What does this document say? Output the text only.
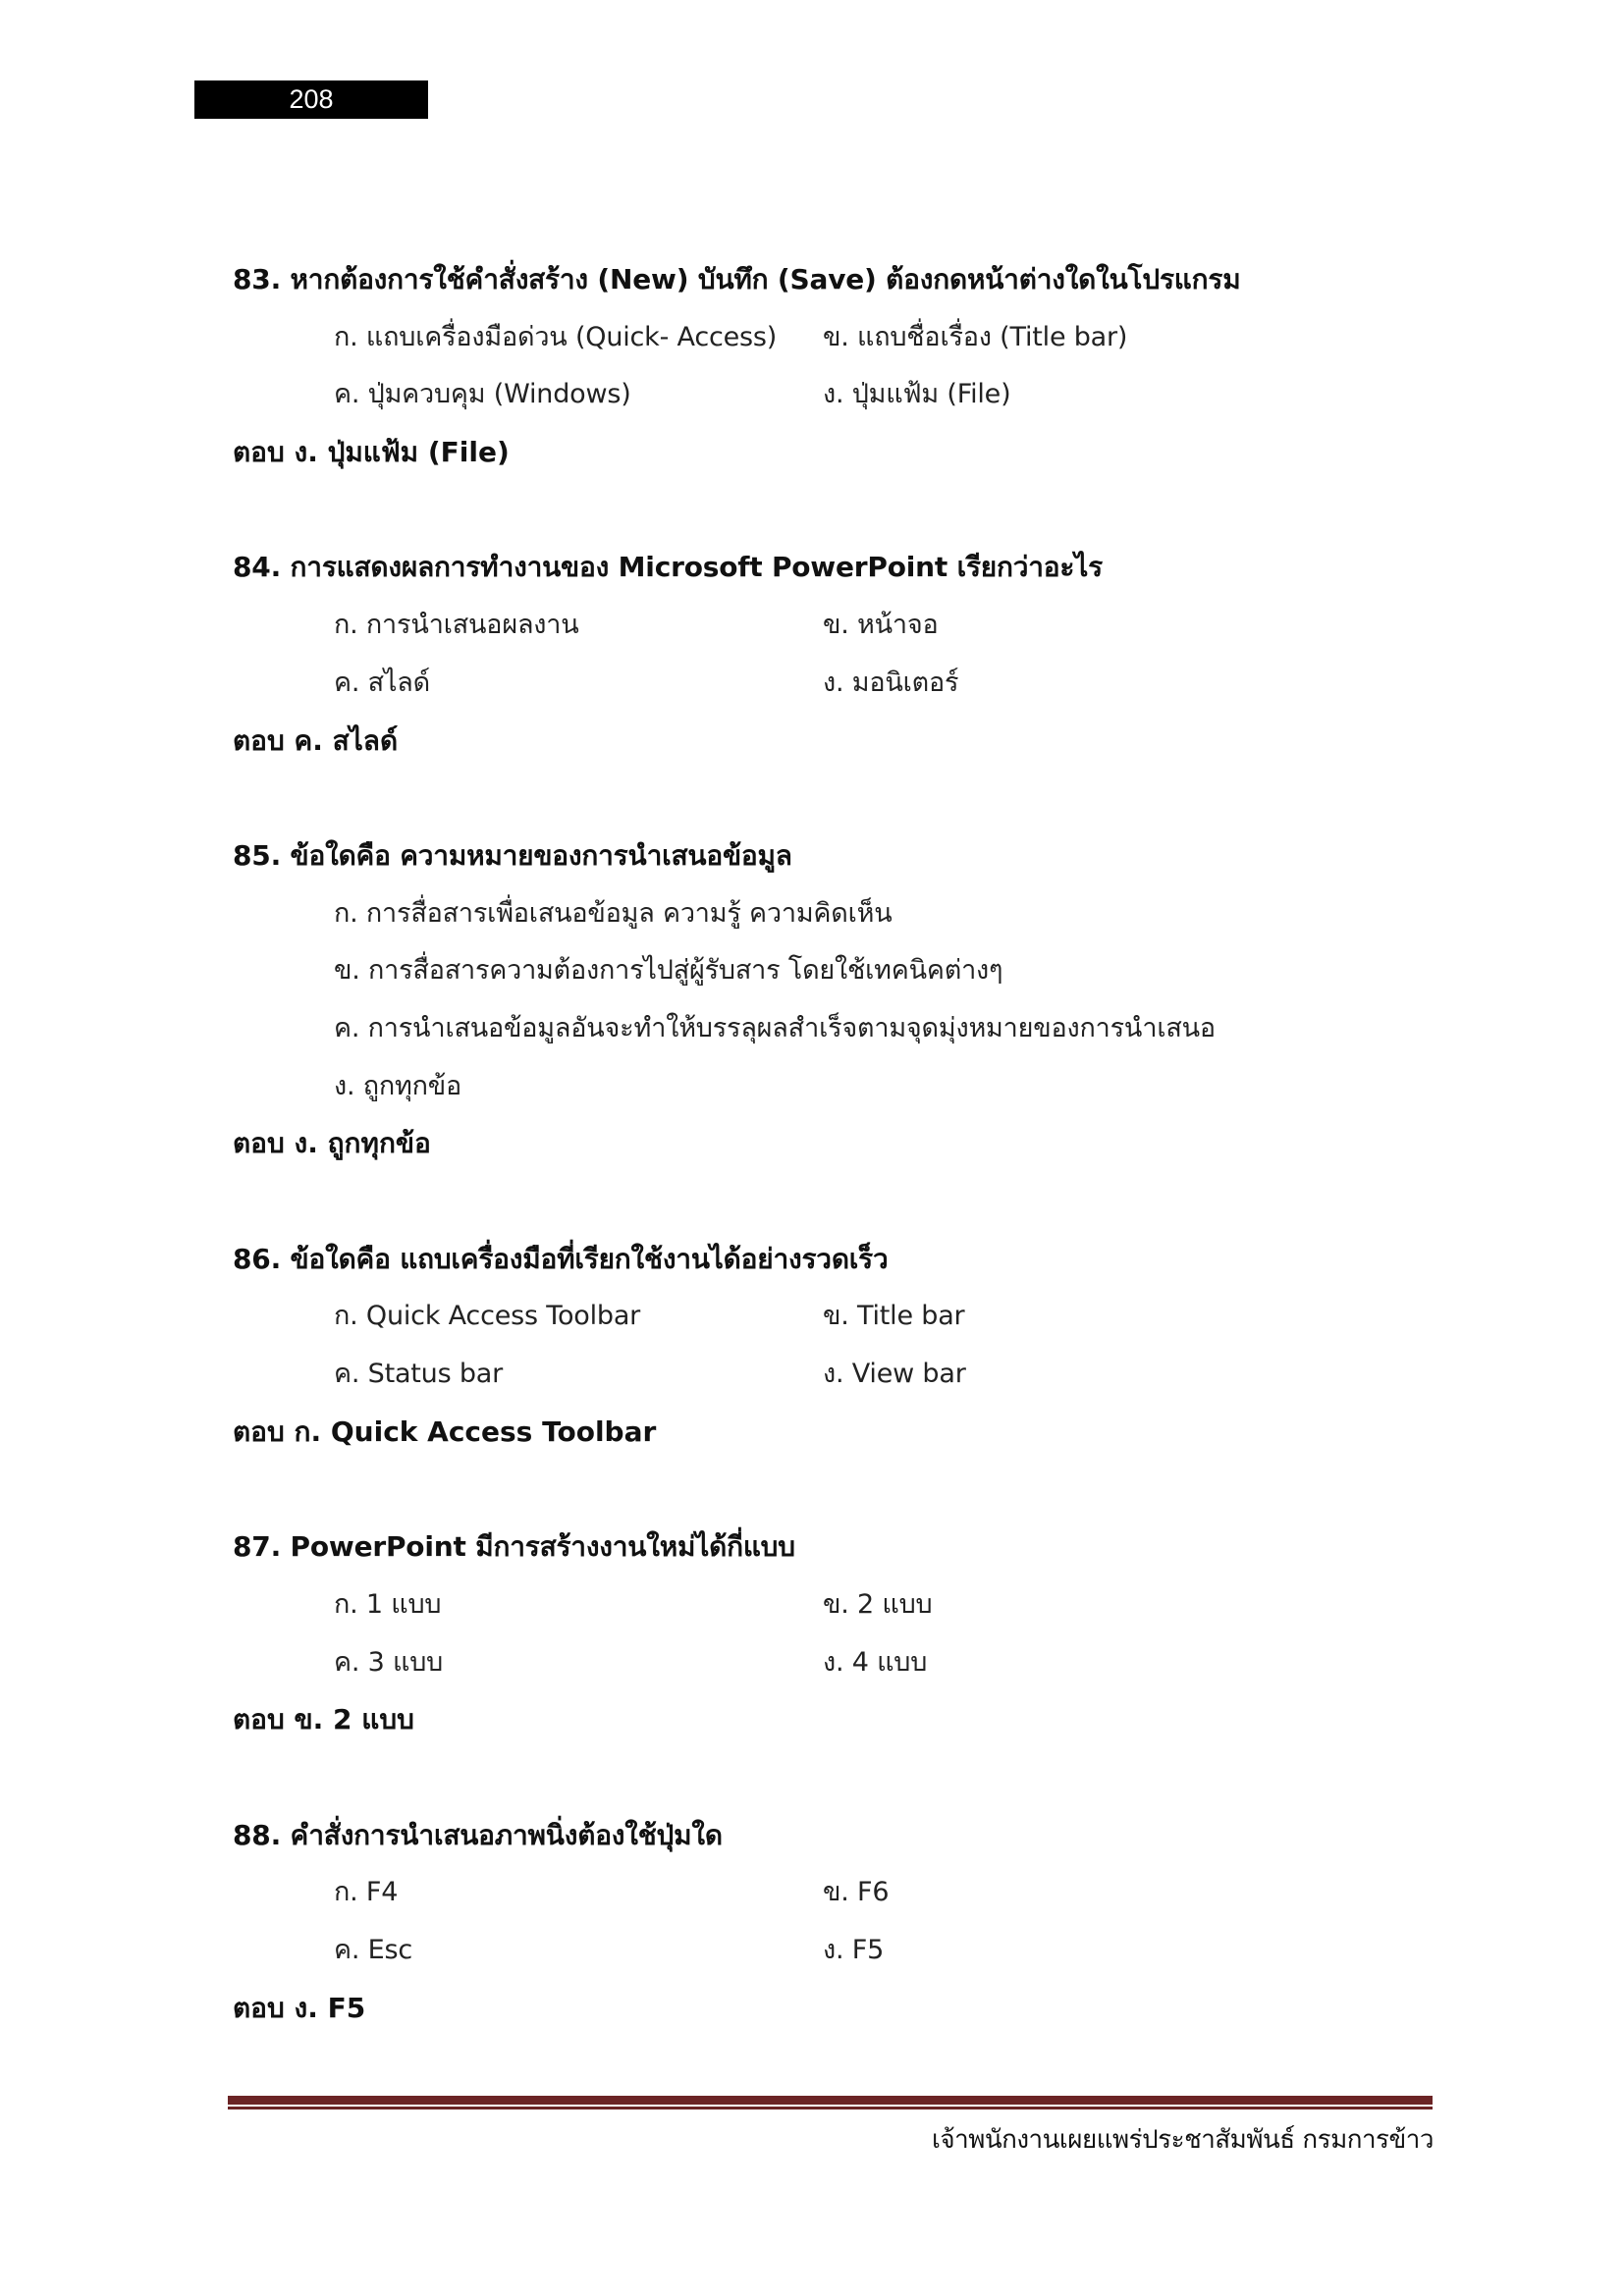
208
83. หากต้องการใช้คำสั่งสร้าง (New) บันทึก (Save) ต้องกดหน้าต่างใดในโปรแกรม
ก. แถบเครื่องมือด่วน (Quick- Access) ข. แถบชื่อเรื่อง (Title bar)
ค. ปุ่มควบคุม (Windows)	ง. ปุ่มแฟ้ม (File)
ตอบ ง. ปุ่มแฟ้ม (File)
84. การแสดงผลการทำงานของ Microsoft PowerPoint เรียกว่าอะไร
ก. การนำเสนอผลงาน	ข. หน้าจอ
ค. สไลด์	ง. มอนิเตอร์
ตอบ ค. สไลด์
85. ข้อใดคือ ความหมายของการนำเสนอข้อมูล
ก. การสื่อสารเพื่อเสนอข้อมูล ความรู้ ความคิดเห็น
ข. การสื่อสารความต้องการไปสู่ผู้รับสาร โดยใช้เทคนิคต่างๆ
ค. การนำเสนอข้อมูลอันจะทำให้บรรลุผลสำเร็จตามจุดมุ่งหมายของการนำเสนอ
ง. ถูกทุกข้อ
ตอบ ง. ถูกทุกข้อ
86. ข้อใดคือ แถบเครื่องมือที่เรียกใช้งานได้อย่างรวดเร็ว
ก. Quick Access Toolbar	ข. Title bar
ค. Status bar	ง. View bar
ตอบ ก. Quick Access Toolbar
87. PowerPoint มีการสร้างงานใหม่ได้กี่แบบ
ก. 1 แบบ	ข. 2 แบบ
ค. 3 แบบ	ง. 4 แบบ
ตอบ ข. 2 แบบ
88. คำสั่งการนำเสนอภาพนิ่งต้องใช้ปุ่มใด
ก. F4	ข. F6
ค. Esc	ง. F5
ตอบ ง. F5
เจ้าพนักงานเผยแพร่ประชาสัมพันธ์ กรมการข้าว
